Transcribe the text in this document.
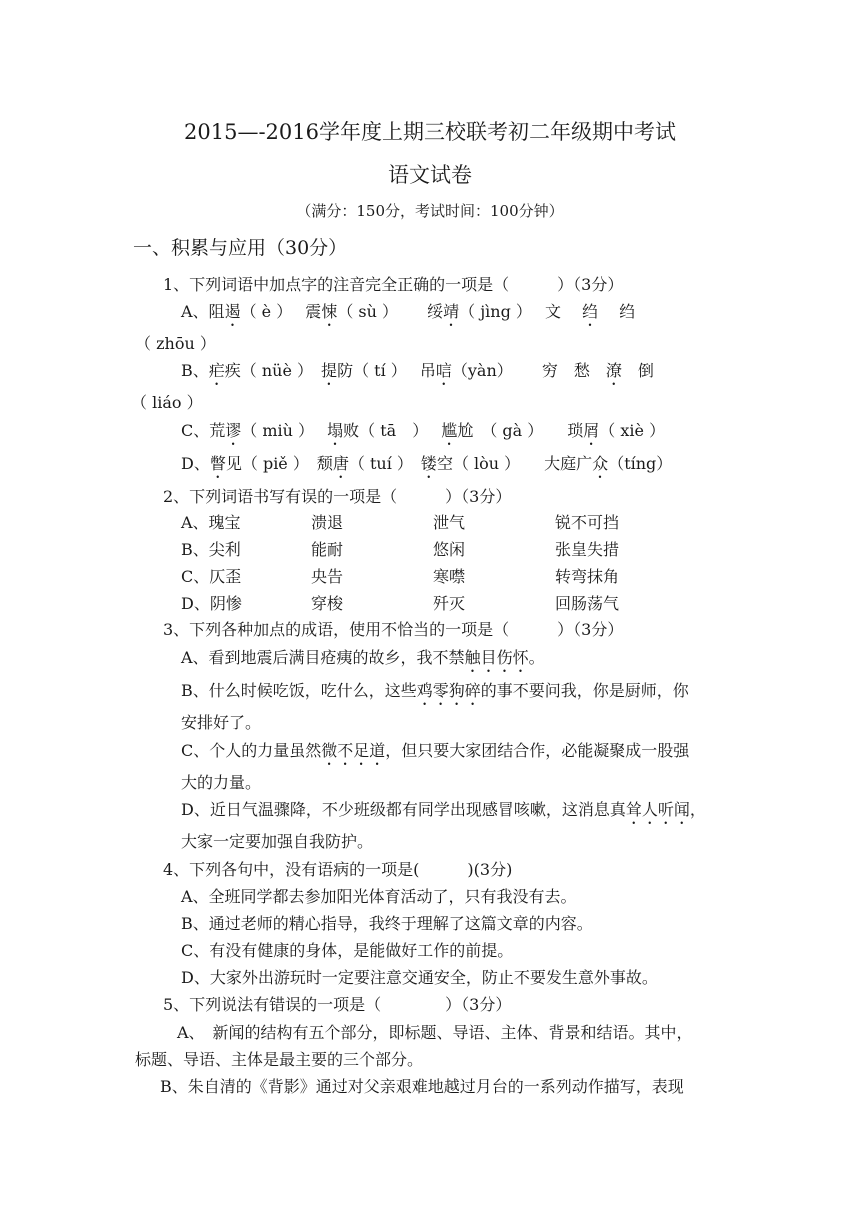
2015—-2016学年度上期三校联考初二年级期中考试
语文试卷
（满分：150分，考试时间：100分钟）
一、积累与应用（30分）
1、下列词语中加点字的注音完全正确的一项是（　　　）（3分）
A、阻遏（ è ）　 震悚（ sù ）　　 绥靖（ jìng ）　 文　 绉　 绉
（ zhōu ）
B、疟疾（ nüè ）　提防（ tí ）　 吊唁（yàn）　　 穷　愁　潦　倒
（ liáo ）
C、荒谬（ miù ）　 塌败（ tā　）　 尴尬　（ gà ）　　琐屑（ xiè ）
D、瞥见（ piě ）　颓唐（ tuí ）　镂空（ lòu ）　　大庭广众（tíng）
2、下列词语书写有误的一项是（　　　）（3分）
A、瑰宝	溃退	泄气	锐不可挡
B、尖利	能耐	悠闲	张皇失措
C、仄歪	央告	寒噤	转弯抹角
D、阴惨	穿梭	歼灭	回肠荡气
3、下列各种加点的成语，使用不恰当的一项是（　　　）（3分）
A、看到地震后满目疮痍的故乡，我不禁触目伤怀。
B、什么时候吃饭，吃什么，这些鸡零狗碎的事不要问我，你是厨师，你
安排好了。
C、个人的力量虽然微不足道，但只要大家团结合作，必能凝聚成一股强
大的力量。
D、近日气温骤降，不少班级都有同学出现感冒咳嗽，这消息真耸人听闻，
大家一定要加强自我防护。
4、下列各句中，没有语病的一项是(　　　)(3分)
A、全班同学都去参加阳光体育活动了，只有我没有去。
B、通过老师的精心指导，我终于理解了这篇文章的内容。
C、有没有健康的身体，是能做好工作的前提。
D、大家外出游玩时一定要注意交通安全，防止不要发生意外事故。
5、下列说法有错误的一项是（　　　　）（3分）
A、　新闻的结构有五个部分，即标题、导语、主体、背景和结语。其中，
标题、导语、主体是最主要的三个部分。
B、朱自清的《背影》通过对父亲艰难地越过月台的一系列动作描写，表现
